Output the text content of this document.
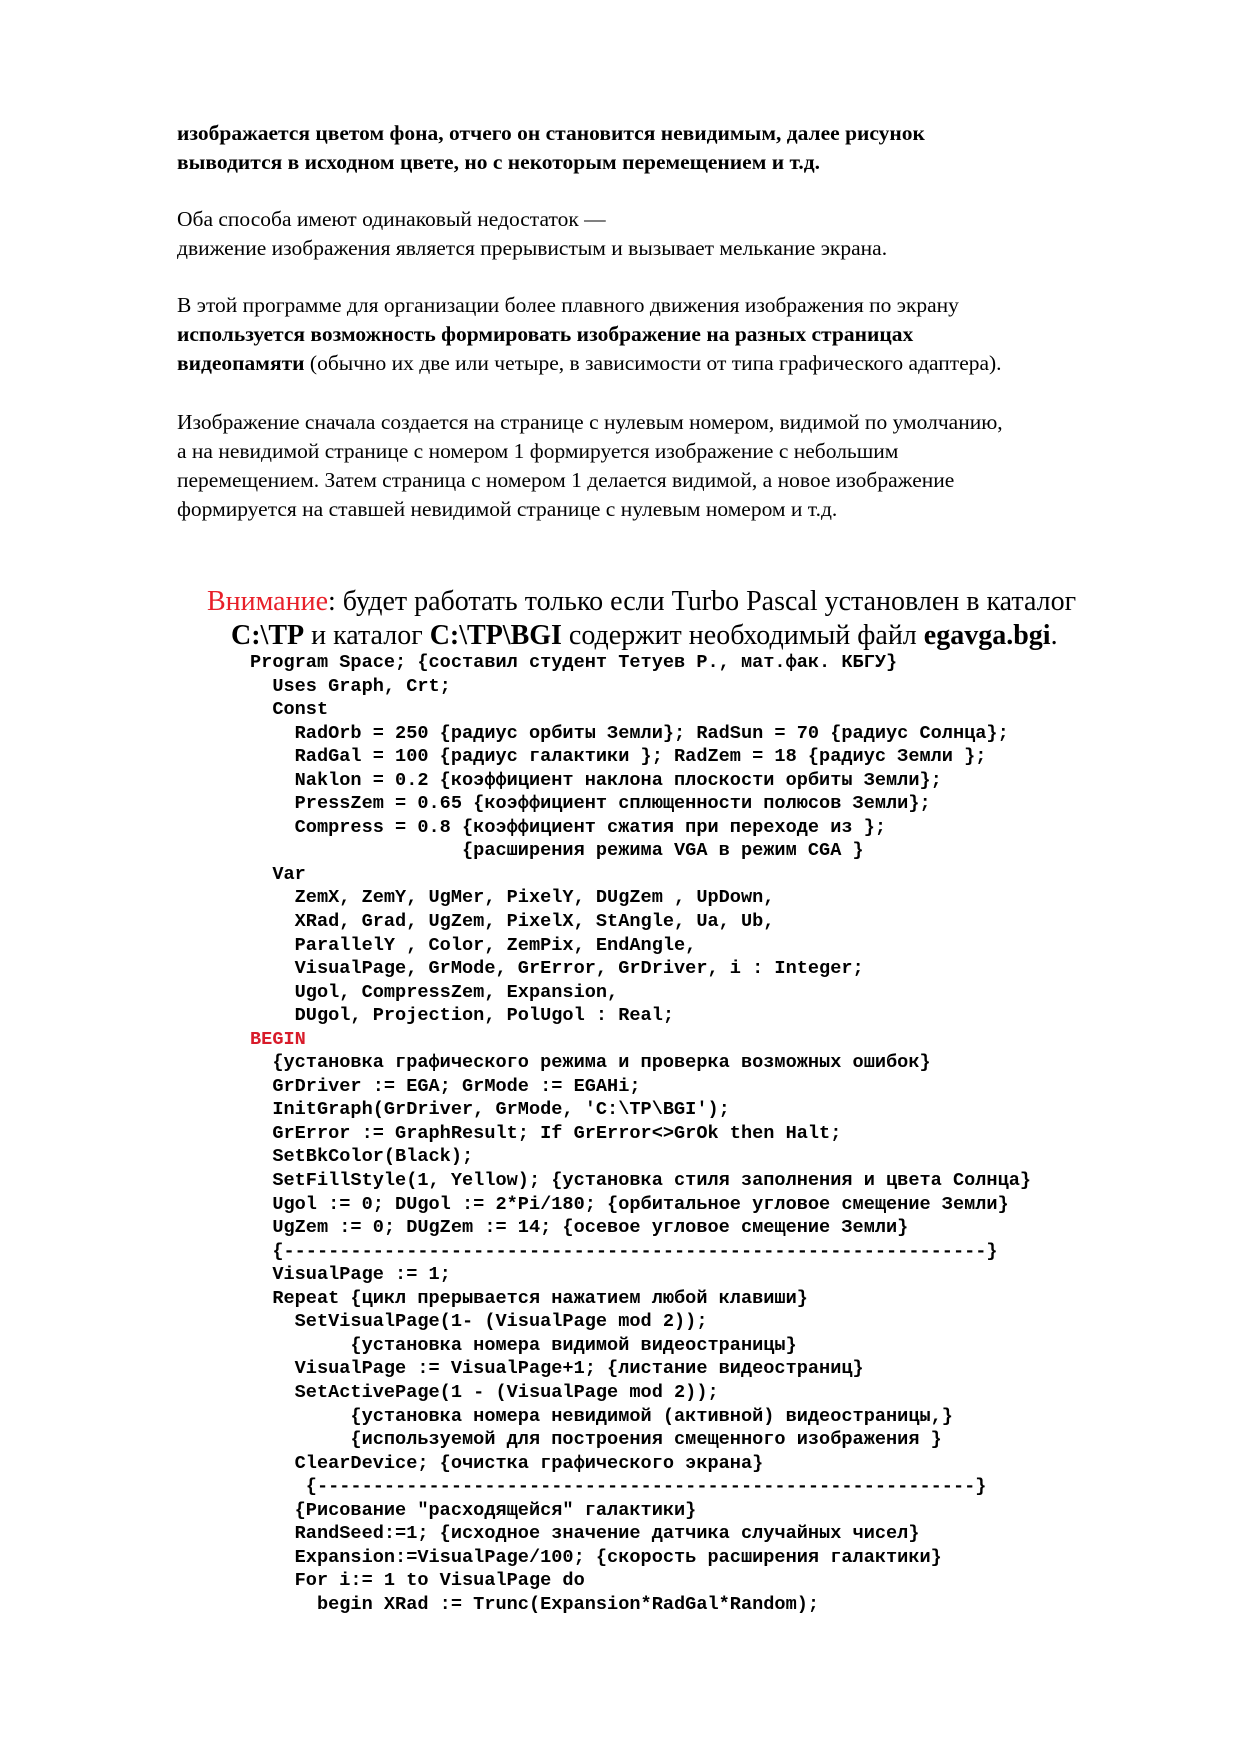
изображается цветом фона, отчего он становится невидимым, далее рисунок

выводится в исходном цвете, но с некоторым перемещением и т.д.

Оба способа имеют одинаковый недостаток —

движение изображения является прерывистым и вызывает мелькание экрана.

В этой программе для организации более плавного движения изображения по экрану

используется возможность формировать изображение на разных страницах

видеопамяти (обычно их две или четыре, в зависимости от типа графического адаптера).

Изображение сначала создается на странице с нулевым номером, видимой по умолчанию,

а на невидимой странице с номером 1 формируется изображение с небольшим

перемещением. Затем страница с номером 1 делается видимой, а новое изображение

формируется на ставшей невидимой странице с нулевым номером и т.д.

Внимание: будет работать только если Turbo Pascal установлен в каталог
C:\TP и каталог C:\TP\BGI содержит необходимый файл egavga.bgi.
Program Space; {составил студент Тетуев Р., мат.фак. КБГУ}
Uses Graph, Crt;
Const
RadOrb = 250 {радиус орбиты Земли}; RadSun = 70 {радиус Солнца};
RadGal = 100 {радиус галактики }; RadZem = 18 {радиус Земли };
Naklon = 0.2 {коэффициент наклона плоскости орбиты Земли};
PressZem = 0.65 {коэффициент сплющенности полюсов Земли};
Compress = 0.8 {коэффициент сжатия при переходе из };
{расширения режима VGA в режим CGA }
Var
ZemX, ZemY, UgMer, PixelY, DUgZem , UpDown,
XRad, Grad, UgZem, PixelX, StAngle, Ua, Ub,
ParallelY , Color, ZemPix, EndAngle,
VisualPage, GrMode, GrError, GrDriver, i : Integer;
Ugol, CompressZem, Expansion,
DUgol, Projection, PolUgol : Real;
BEGIN
{установка графического режима и проверка возможных ошибок}
GrDriver := EGA; GrMode := EGAHi;
InitGraph(GrDriver, GrMode, 'C:\TP\BGI');
GrError := GraphResult; If GrError<>GrOk then Halt;
SetBkColor(Black);
SetFillStyle(1, Yellow); {установка стиля заполнения и цвета Солнца}
Ugol := 0; DUgol := 2*Pi/180; {орбитальное угловое смещение Земли}
UgZem := 0; DUgZem := 14; {осевое угловое смещение Земли}
{---------------------------------------------------------------}
VisualPage := 1;
Repeat {цикл прерывается нажатием любой клавиши}
SetVisualPage(1- (VisualPage mod 2));
{установка номера видимой видеостраницы}
VisualPage := VisualPage+1; {листание видеостраниц}
SetActivePage(1 - (VisualPage mod 2));
{установка номера невидимой (активной) видеостраницы,}
{используемой для построения смещенного изображения }
ClearDevice; {очистка графического экрана}
{-----------------------------------------------------------}
{Рисование "расходящейся" галактики}
RandSeed:=1; {исходное значение датчика случайных чисел}
Expansion:=VisualPage/100; {скорость расширения галактики}
For i:= 1 to VisualPage do
begin XRad := Trunc(Expansion*RadGal*Random);
